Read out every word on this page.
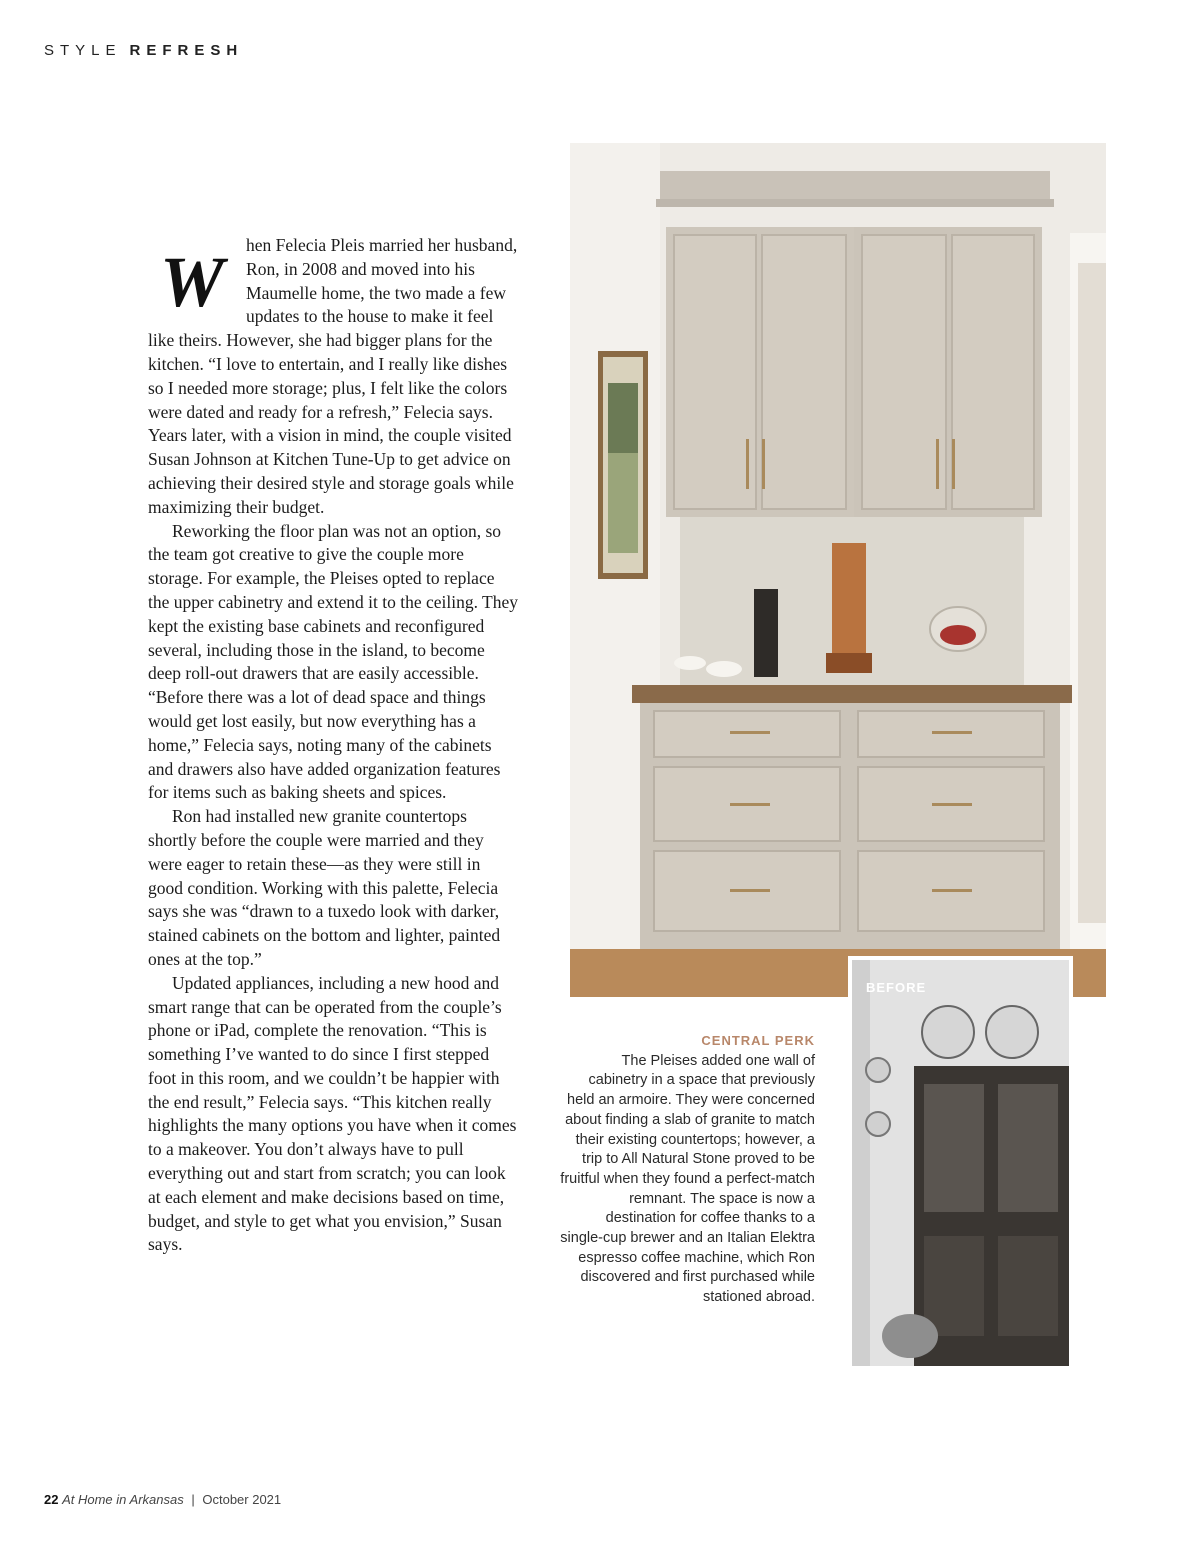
STYLE REFRESH

W hen Felecia Pleis married her husband, Ron, in 2008 and moved into his Maumelle home, the two made a few updates to the house to make it feel like theirs. However, she had bigger plans for the kitchen. “I love to entertain, and I really like dishes so I needed more storage; plus, I felt like the colors were dated and ready for a refresh,” Felecia says. Years later, with a vision in mind, the couple visited Susan Johnson at Kitchen Tune-Up to get advice on achieving their desired style and storage goals while maximizing their budget.

Reworking the floor plan was not an option, so the team got creative to give the couple more storage. For example, the Pleises opted to replace the upper cabinetry and extend it to the ceiling. They kept the existing base cabinets and reconfigured several, including those in the island, to become deep roll-out drawers that are easily accessible. “Before there was a lot of dead space and things would get lost easily, but now everything has a home,” Felecia says, noting many of the cabinets and drawers also have added organization features for items such as baking sheets and spices.

Ron had installed new granite countertops shortly before the couple were married and they were eager to retain these—as they were still in good condition. Working with this palette, Felecia says she was “drawn to a tuxedo look with darker, stained cabinets on the bottom and lighter, painted ones at the top.”

Updated appliances, including a new hood and smart range that can be operated from the couple’s phone or iPad, complete the renovation. “This is something I’ve wanted to do since I first stepped foot in this room, and we couldn’t be happier with the end result,” Felecia says. “This kitchen really highlights the many options you have when it comes to a makeover. You don’t always have to pull everything out and start from scratch; you can look at each element and make decisions based on time, budget, and style to get what you envision,” Susan says.

BEFORE
CENTRAL PERK
The Pleises added one wall of cabinetry in a space that previously held an armoire. They were concerned about finding a slab of granite to match their existing countertops; however, a trip to All Natural Stone proved to be fruitful when they found a perfect-match remnant. The space is now a destination for coffee thanks to a single-cup brewer and an Italian Elektra espresso coffee machine, which Ron discovered and first purchased while stationed abroad.
22 At Home in Arkansas | October 2021
